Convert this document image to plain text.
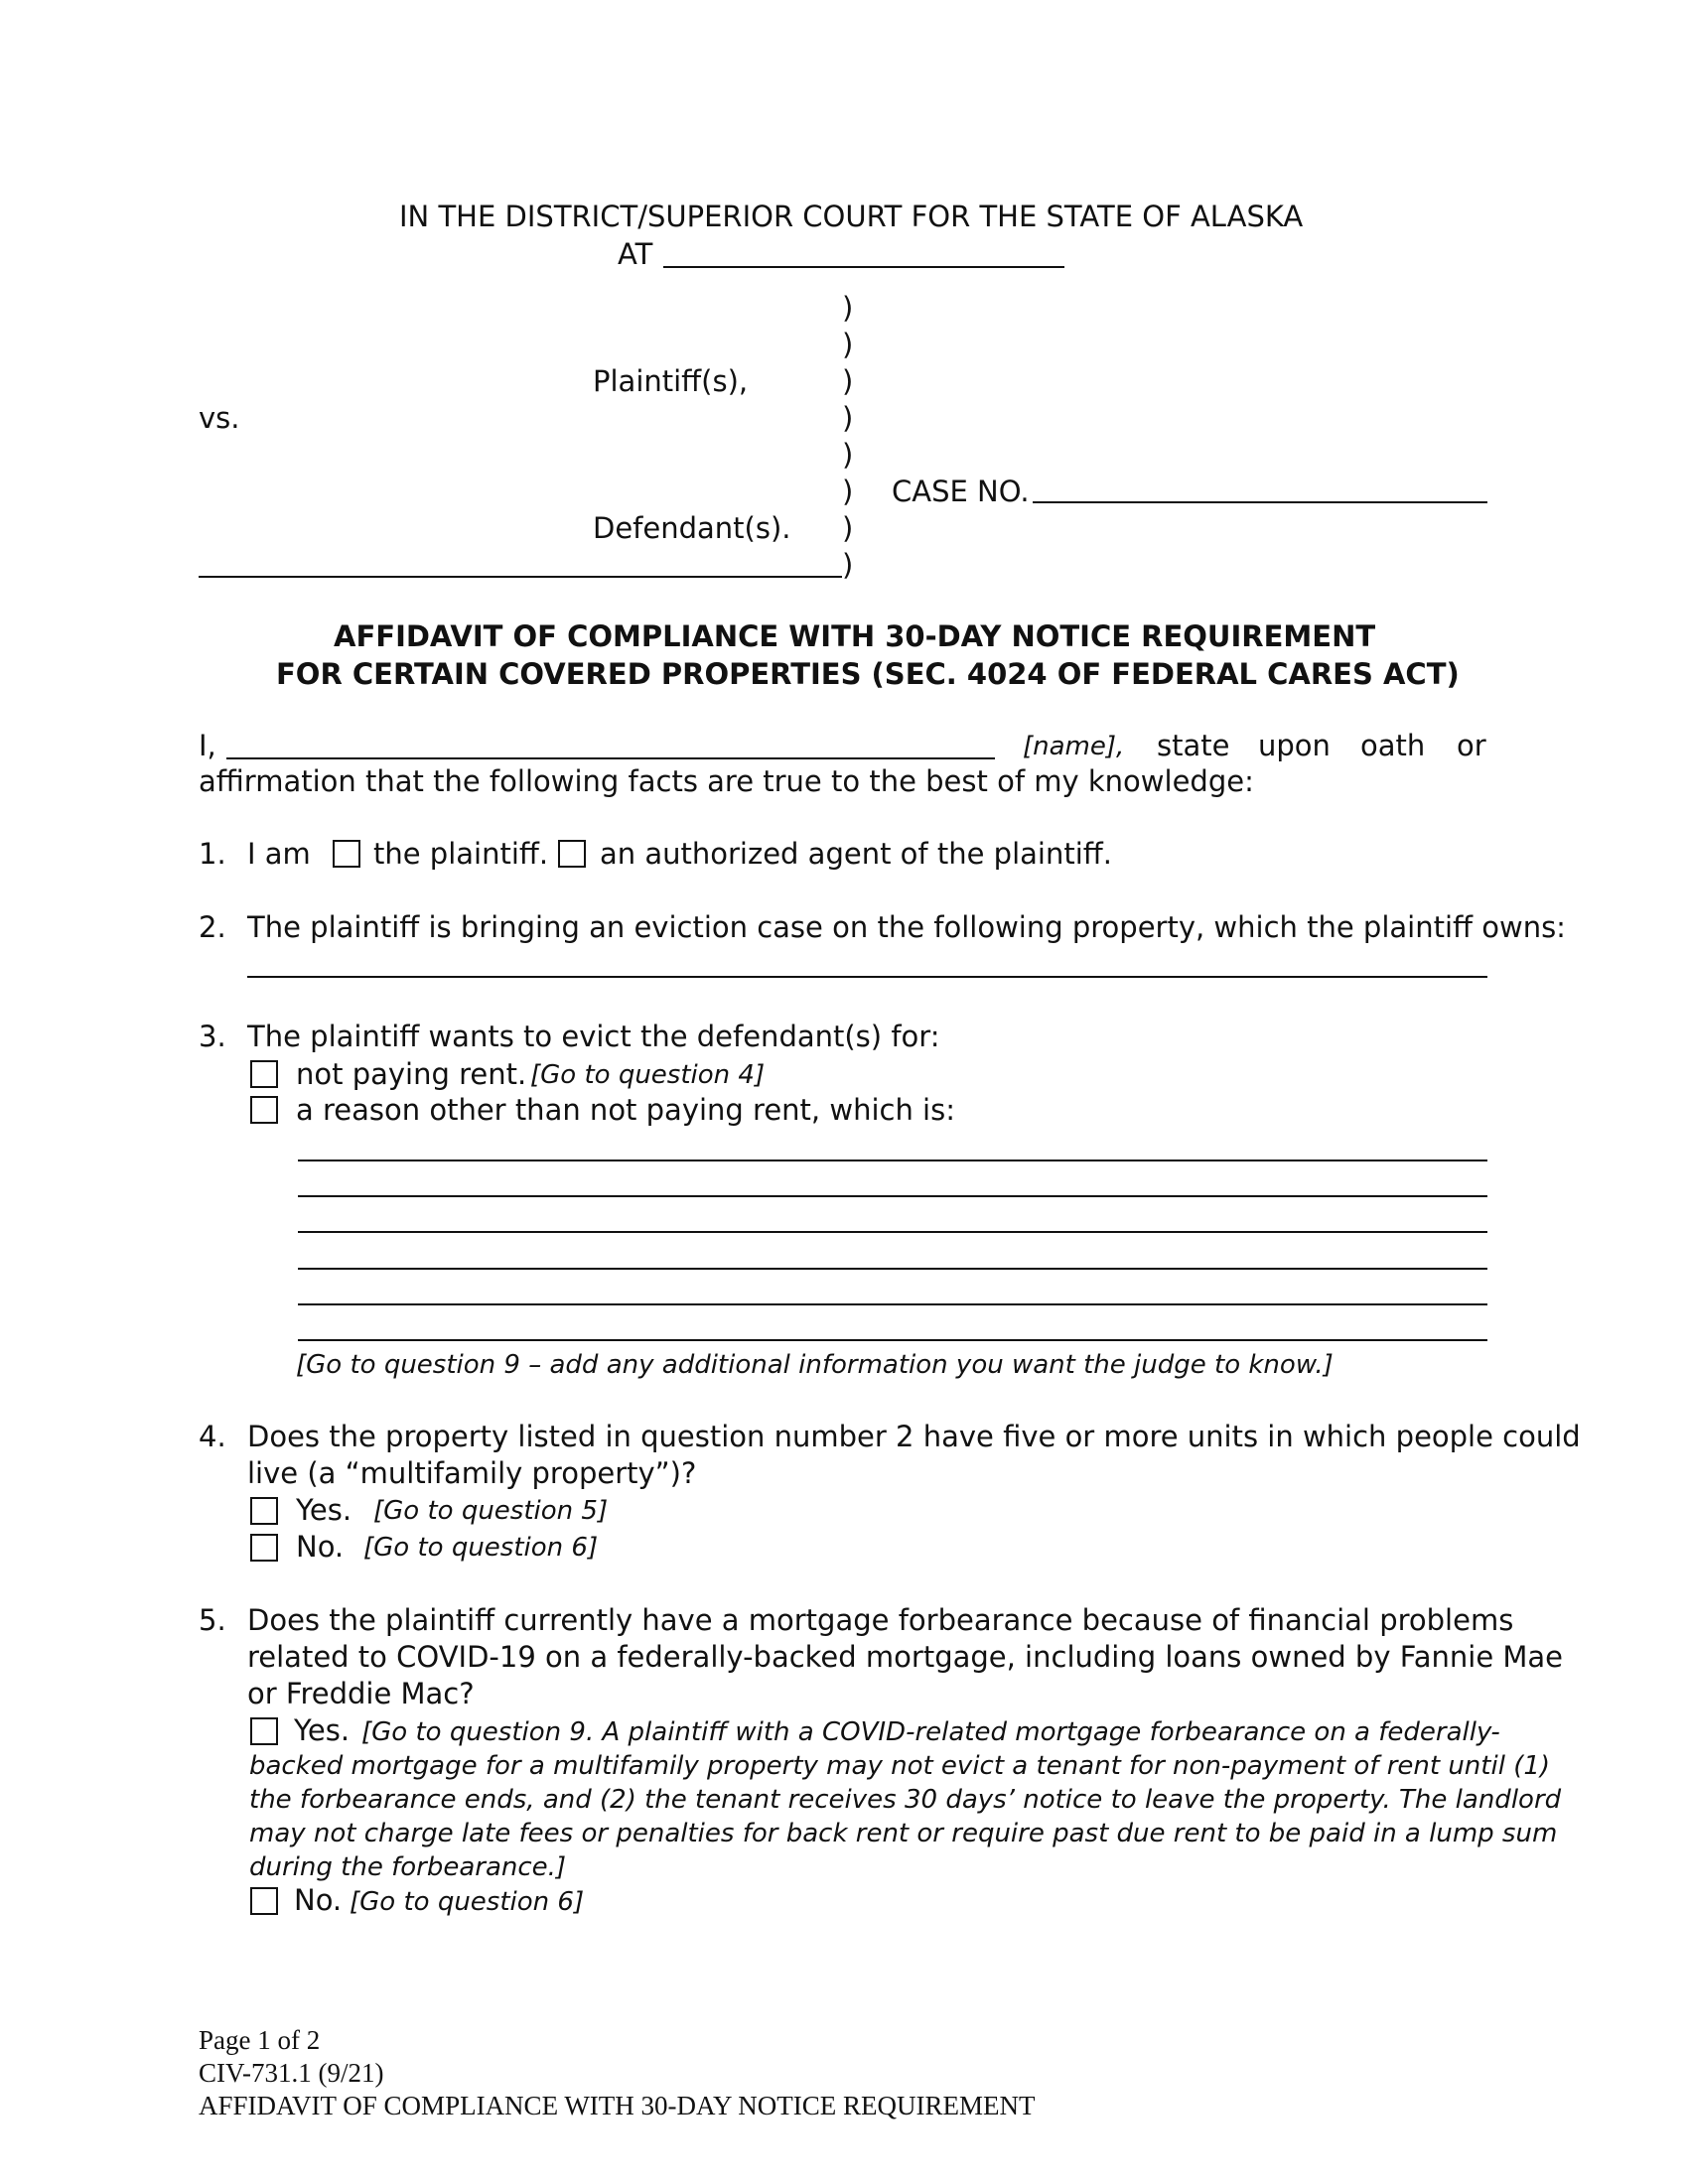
IN THE DISTRICT/SUPERIOR COURT FOR THE STATE OF ALASKA
AT
)
)
)
)
)
)
)
)
Plaintiff(s),
vs.
CASE NO.
Defendant(s).
AFFIDAVIT OF COMPLIANCE WITH 30-DAY NOTICE REQUIREMENT
FOR CERTAIN COVERED PROPERTIES (SEC. 4024 OF FEDERAL CARES ACT)
I,	[name], state upon oath or
affirmation that the following facts are true to the best of my knowledge:
1. I am the plaintiff. an authorized agent of the plaintiff.
2. The plaintiff is bringing an eviction case on the following property, which the plaintiff owns:
3. The plaintiff wants to evict the defendant(s) for:
not paying rent. [Go to question 4]
a reason other than not paying rent, which is:
[Go to question 9 – add any additional information you want the judge to know.]
4. Does the property listed in question number 2 have five or more units in which people could
live (a “multifamily property”)?
Yes. [Go to question 5]
No. [Go to question 6]
5. Does the plaintiff currently have a mortgage forbearance because of financial problems
related to COVID-19 on a federally-backed mortgage, including loans owned by Fannie Mae
or Freddie Mac?
Yes. [Go to question 9. A plaintiff with a COVID-related mortgage forbearance on a federally-
backed mortgage for a multifamily property may not evict a tenant for non-payment of rent until (1)
the forbearance ends, and (2) the tenant receives 30 days’ notice to leave the property. The landlord
may not charge late fees or penalties for back rent or require past due rent to be paid in a lump sum
during the forbearance.]
No. [Go to question 6]
Page 1 of 2
CIV-731.1 (9/21)
AFFIDAVIT OF COMPLIANCE WITH 30-DAY NOTICE REQUIREMENT
